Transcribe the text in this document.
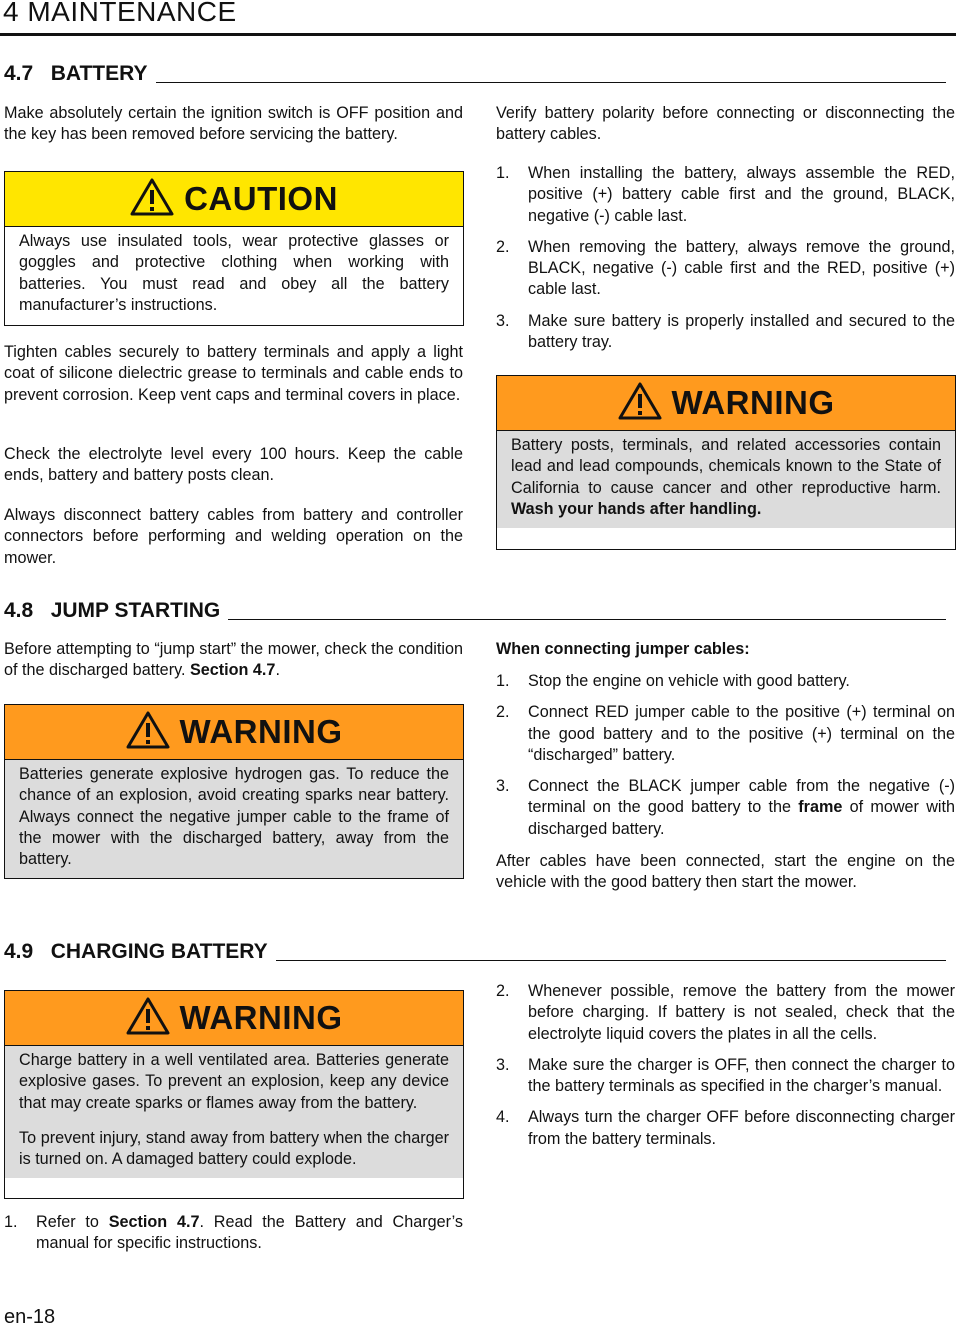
4 MAINTENANCE
4.7   BATTERY
Make absolutely certain the ignition switch is OFF position and the key has been removed before servicing the battery.
CAUTION
Always use insulated tools, wear protective glasses or goggles and protective clothing when working with batteries. You must read and obey all the battery manufacturer’s instructions.
Tighten cables securely to battery terminals and apply a light coat of silicone dielectric grease to terminals and cable ends to prevent corrosion. Keep vent caps and terminal covers in place.
Check the electrolyte level every 100 hours. Keep the cable ends, battery and battery posts clean.
Always disconnect battery cables from battery and controller connectors before performing and welding operation on the mower.
Verify battery polarity before connecting or disconnecting the battery cables.
1. When installing the battery, always assemble the RED, positive (+) battery cable first and the ground, BLACK, negative (-) cable last.
2. When removing the battery, always remove the ground, BLACK, negative (-) cable first and the RED, positive (+) cable last.
3. Make sure battery is properly installed and secured to the battery tray.
WARNING
Battery posts, terminals, and related accessories contain lead and lead compounds, chemicals known to the State of California to cause cancer and other reproductive harm. Wash your hands after handling.
4.8   JUMP STARTING
Before attempting to “jump start” the mower, check the condition of the discharged battery. Section 4.7.
WARNING
Batteries generate explosive hydrogen gas. To reduce the chance of an explosion, avoid creating sparks near battery. Always connect the negative jumper cable to the frame of the mower with the discharged battery, away from the battery.
When connecting jumper cables:
1. Stop the engine on vehicle with good battery.
2. Connect RED jumper cable to the positive (+) terminal on the good battery and to the positive (+) terminal on the “discharged” battery.
3. Connect the BLACK jumper cable from the negative (-) terminal on the good battery to the frame of mower with discharged battery.
After cables have been connected, start the engine on the vehicle with the good battery then start the mower.
4.9   CHARGING BATTERY
WARNING
Charge battery in a well ventilated area. Batteries generate explosive gases. To prevent an explosion, keep any device that may create sparks or flames away from the battery.
To prevent injury, stand away from battery when the charger is turned on. A damaged battery could explode.
1. Refer to Section 4.7. Read the Battery and Charger’s manual for specific instructions.
2. Whenever possible, remove the battery from the mower before charging. If battery is not sealed, check that the electrolyte liquid covers the plates in all the cells.
3. Make sure the charger is OFF, then connect the charger to the battery terminals as specified in the charger’s manual.
4. Always turn the charger OFF before disconnecting charger from the battery terminals.
en-18
